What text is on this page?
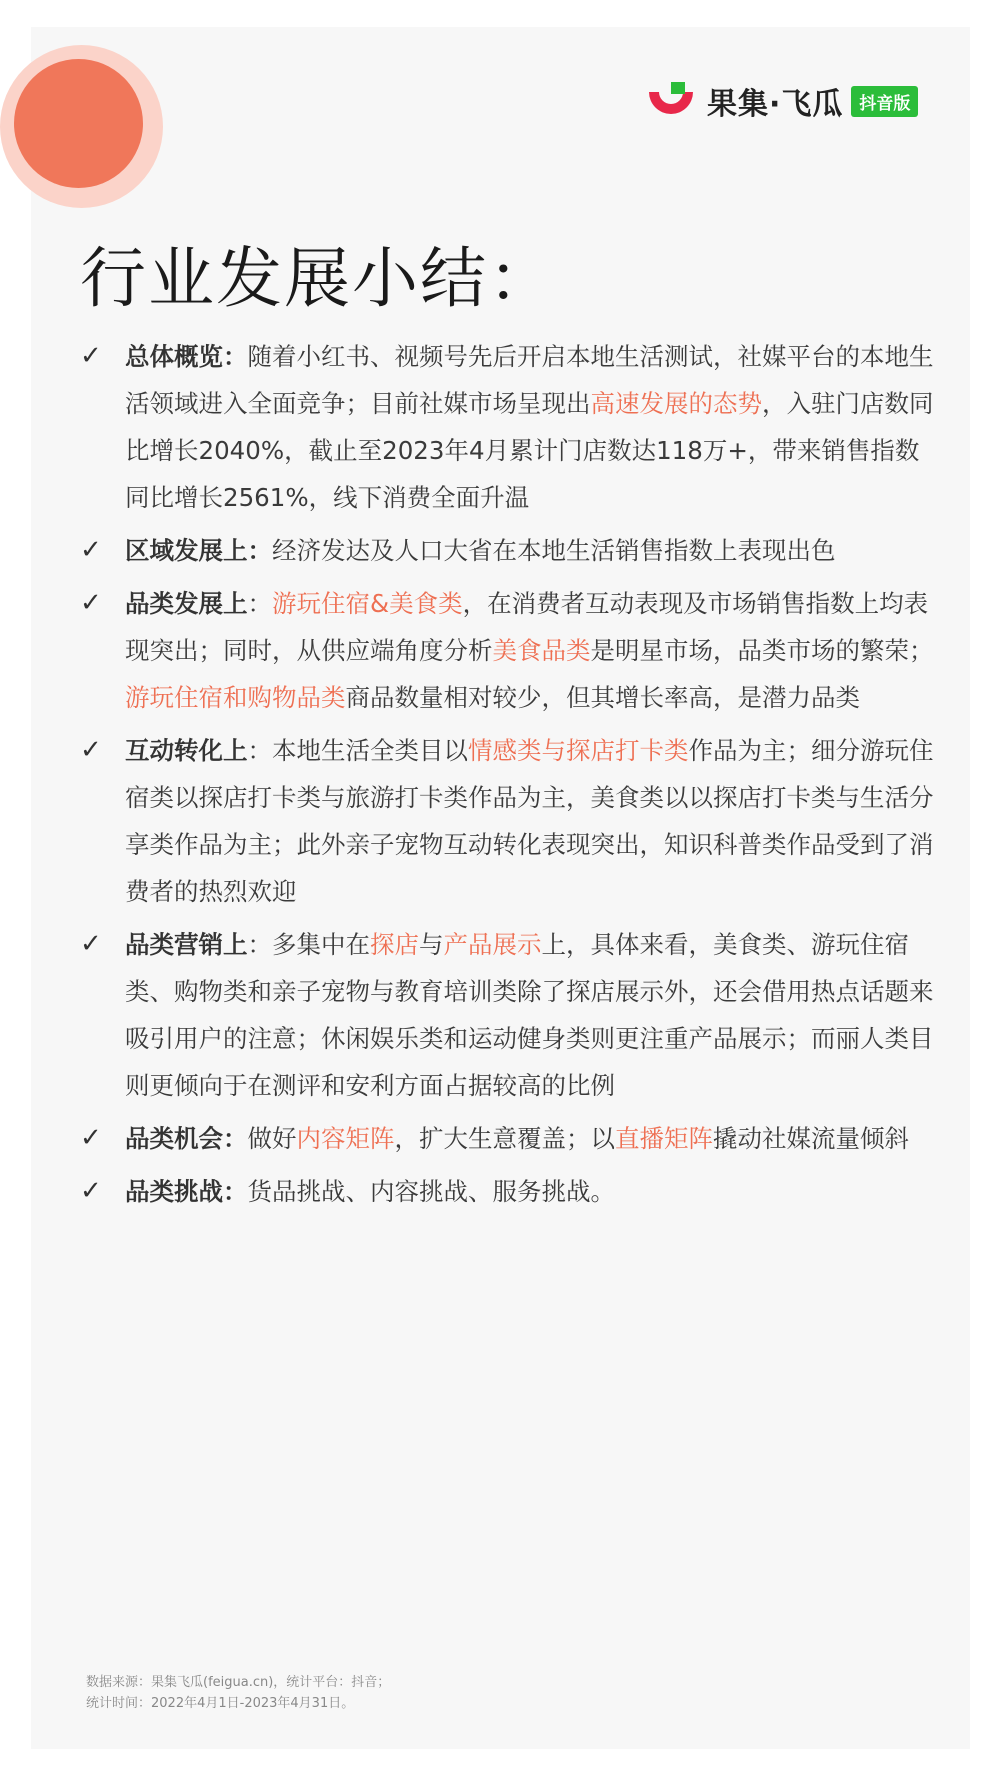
果集·飞瓜 抖音版
行业发展小结：
✓ 总体概览：随着小红书、视频号先后开启本地生活测试，社媒平台的本地生活领域进入全面竞争；目前社媒市场呈现出高速发展的态势，入驻门店数同比增长2040%，截止至2023年4月累计门店数达118万+，带来销售指数同比增长2561%，线下消费全面升温
✓ 区域发展上：经济发达及人口大省在本地生活销售指数上表现出色
✓ 品类发展上：游玩住宿&美食类，在消费者互动表现及市场销售指数上均表现突出；同时，从供应端角度分析美食品类是明星市场，品类市场的繁荣；游玩住宿和购物品类商品数量相对较少，但其增长率高，是潜力品类
✓ 互动转化上：本地生活全类目以情感类与探店打卡类作品为主；细分游玩住宿类以探店打卡类与旅游打卡类作品为主，美食类以以探店打卡类与生活分享类作品为主；此外亲子宠物互动转化表现突出，知识科普类作品受到了消费者的热烈欢迎
✓ 品类营销上：多集中在探店与产品展示上，具体来看，美食类、游玩住宿类、购物类和亲子宠物与教育培训类除了探店展示外，还会借用热点话题来吸引用户的注意；休闲娱乐类和运动健身类则更注重产品展示；而丽人类目则更倾向于在测评和安利方面占据较高的比例
✓ 品类机会：做好内容矩阵，扩大生意覆盖；以直播矩阵撬动社媒流量倾斜
✓ 品类挑战：货品挑战、内容挑战、服务挑战。
数据来源：果集飞瓜(feigua.cn)，统计平台：抖音；
统计时间：2022年4月1日-2023年4月31日。
